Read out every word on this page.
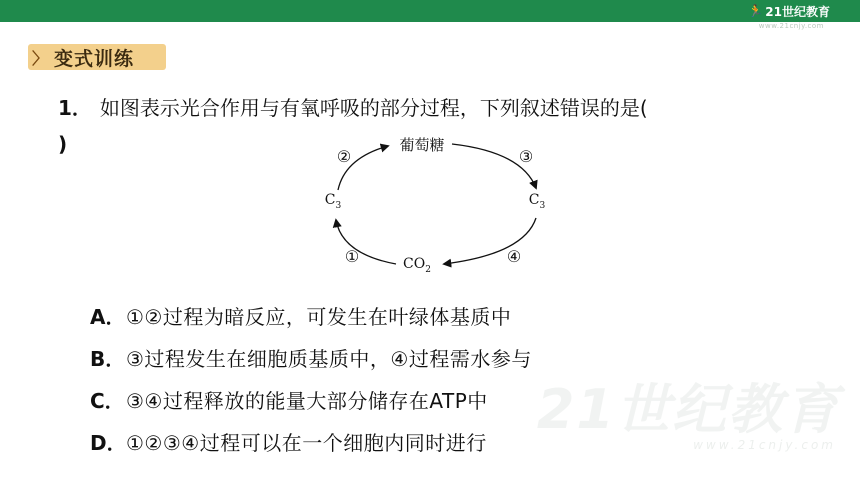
🏃 21世纪教育
www.21cnjy.com
〉 变式训练
1． 如图表示光合作用与有氧呼吸的部分过程，下列叙述错误的是(
)	葡萄糖
$C_3$	$C_3$
$CO_2$
②	③
①	④
A． ①②过程为暗反应，可发生在叶绿体基质中
B． ③过程发生在细胞质基质中，④过程需水参与
C． ③④过程释放的能量大部分储存在ATP中
D． ①②③④过程可以在一个细胞内同时进行
21世纪教育
www.21cnjy.com
